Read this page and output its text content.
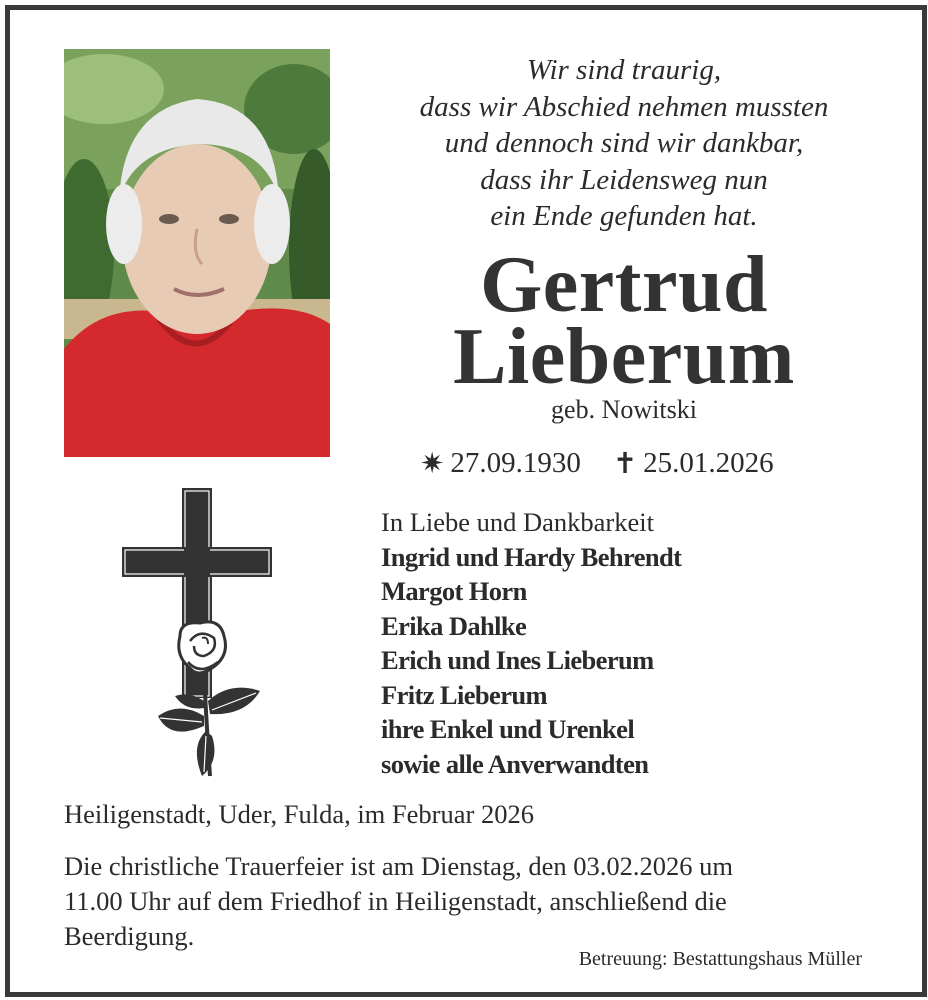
Wir sind traurig,
dass wir Abschied nehmen mussten
und dennoch sind wir dankbar,
dass ihr Leidensweg nun
ein Ende gefunden hat.
Gertrud
Lieberum
geb. Nowitski
✷ 27.09.1930 ✝ 25.01.2026
In Liebe und Dankbarkeit
Ingrid und Hardy Behrendt
Margot Horn
Erika Dahlke
Erich und Ines Lieberum
Fritz Lieberum
ihre Enkel und Urenkel
sowie alle Anverwandten
Heiligenstadt, Uder, Fulda, im Februar 2026
Die christliche Trauerfeier ist am Dienstag, den 03.02.2026 um
11.00 Uhr auf dem Friedhof in Heiligenstadt, anschließend die
Beerdigung.
Betreuung: Bestattungshaus Müller
